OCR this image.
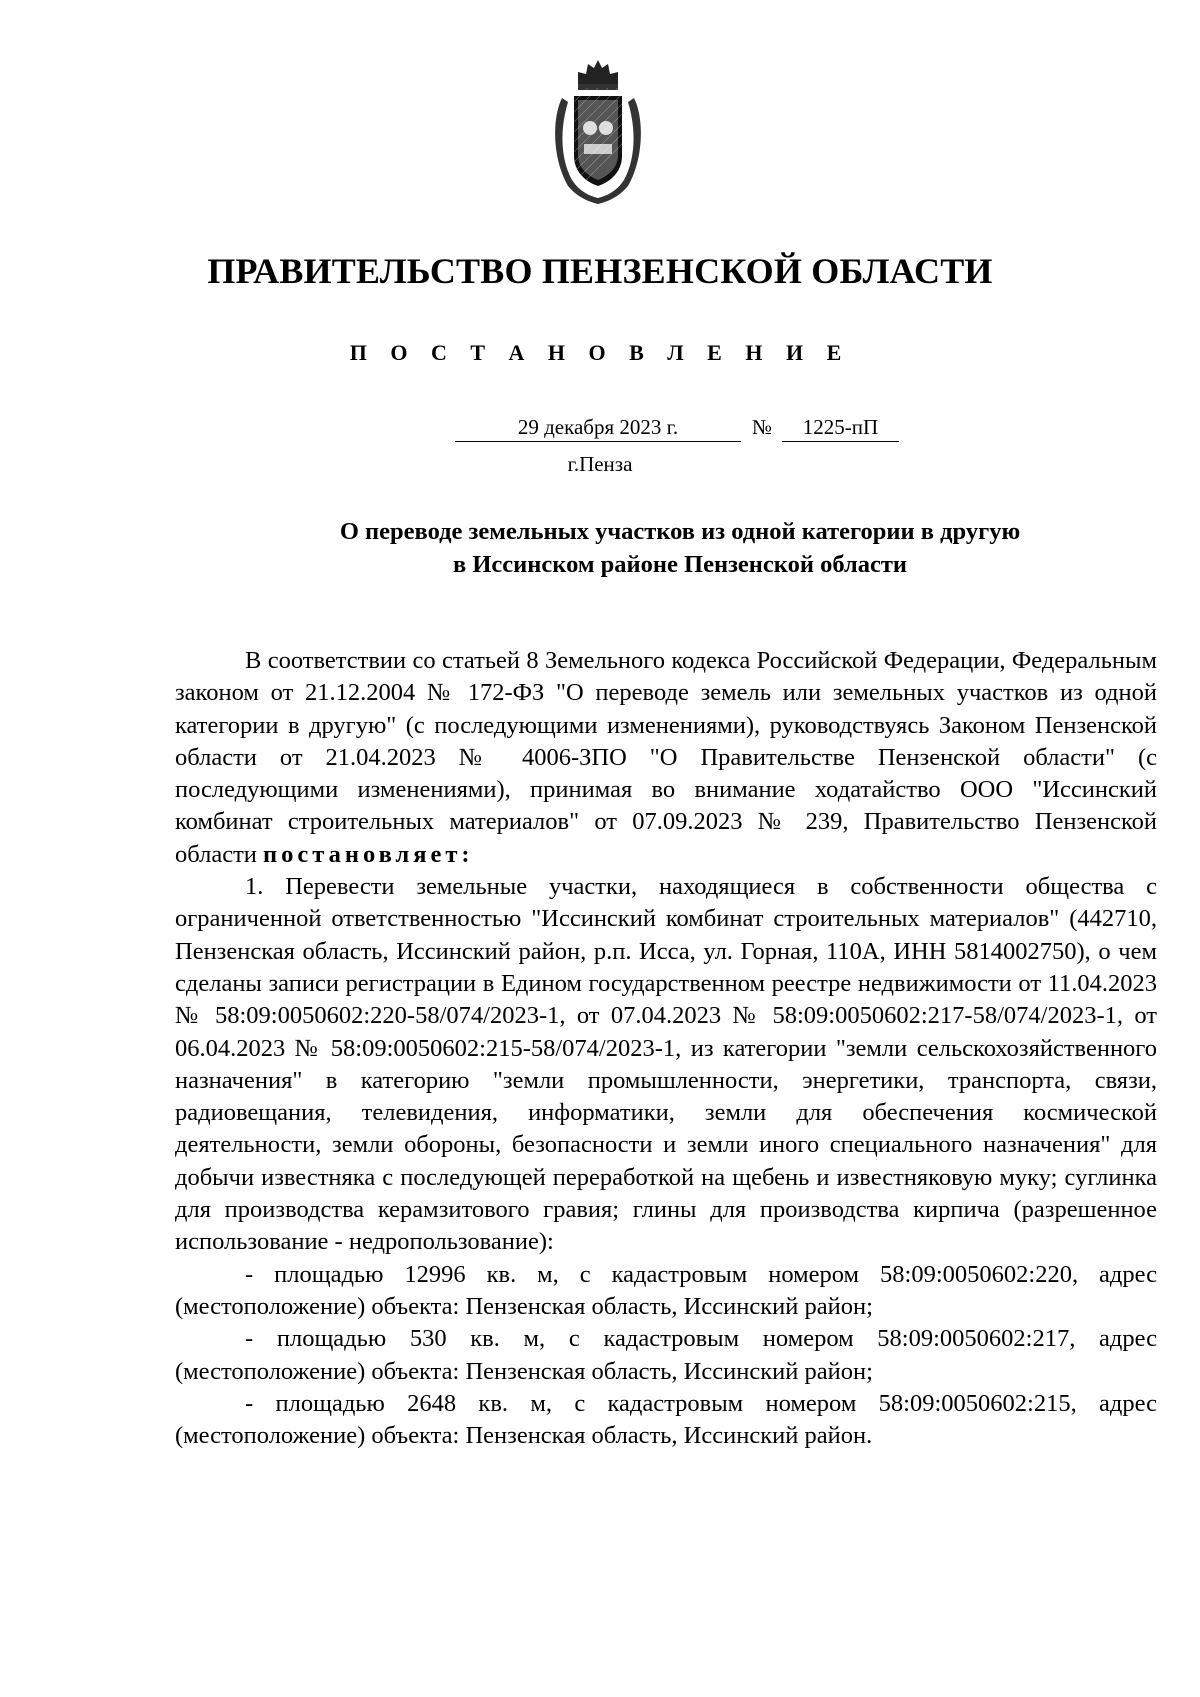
ПРАВИТЕЛЬСТВО ПЕНЗЕНСКОЙ ОБЛАСТИ
П О С Т А Н О В Л Е Н И Е
29 декабря 2023 г.	№	1225-пП
г.Пенза
О переводе земельных участков из одной категории в другую
в Иссинском районе Пензенской области

В соответствии со статьей 8 Земельного кодекса Российской Федерации, Федеральным законом от 21.12.2004 № 172-ФЗ "О переводе земель или земельных участков из одной категории в другую" (с последующими изменениями), руководствуясь Законом Пензенской области от 21.04.2023 № 4006-ЗПО "О Правительстве Пензенской области" (с последующими изменениями), принимая во внимание ходатайство ООО "Иссинский комбинат строительных материалов" от 07.09.2023 № 239, Правительство Пензенской области постановляет:

1. Перевести земельные участки, находящиеся в собственности общества с ограниченной ответственностью "Иссинский комбинат строительных материалов" (442710, Пензенская область, Иссинский район, р.п. Исса, ул. Горная, 110А, ИНН 5814002750), о чем сделаны записи регистрации в Едином государственном реестре недвижимости от 11.04.2023 № 58:09:0050602:220-58/074/2023-1, от 07.04.2023 № 58:09:0050602:217-58/074/2023-1, от 06.04.2023 № 58:09:0050602:215-58/074/2023-1, из категории "земли сельскохозяйственного назначения" в категорию "земли промышленности, энергетики, транспорта, связи, радиовещания, телевидения, информатики, земли для обеспечения космической деятельности, земли обороны, безопасности и земли иного специального назначения" для добычи известняка с последующей переработкой на щебень и известняковую муку; суглинка для производства керамзитового гравия; глины для производства кирпича (разрешенное использование - недропользование):

- площадью 12996 кв. м, с кадастровым номером 58:09:0050602:220, адрес (местоположение) объекта: Пензенская область, Иссинский район;

- площадью 530 кв. м, с кадастровым номером 58:09:0050602:217, адрес (местоположение) объекта: Пензенская область, Иссинский район;

- площадью 2648 кв. м, с кадастровым номером 58:09:0050602:215, адрес (местоположение) объекта: Пензенская область, Иссинский район.
